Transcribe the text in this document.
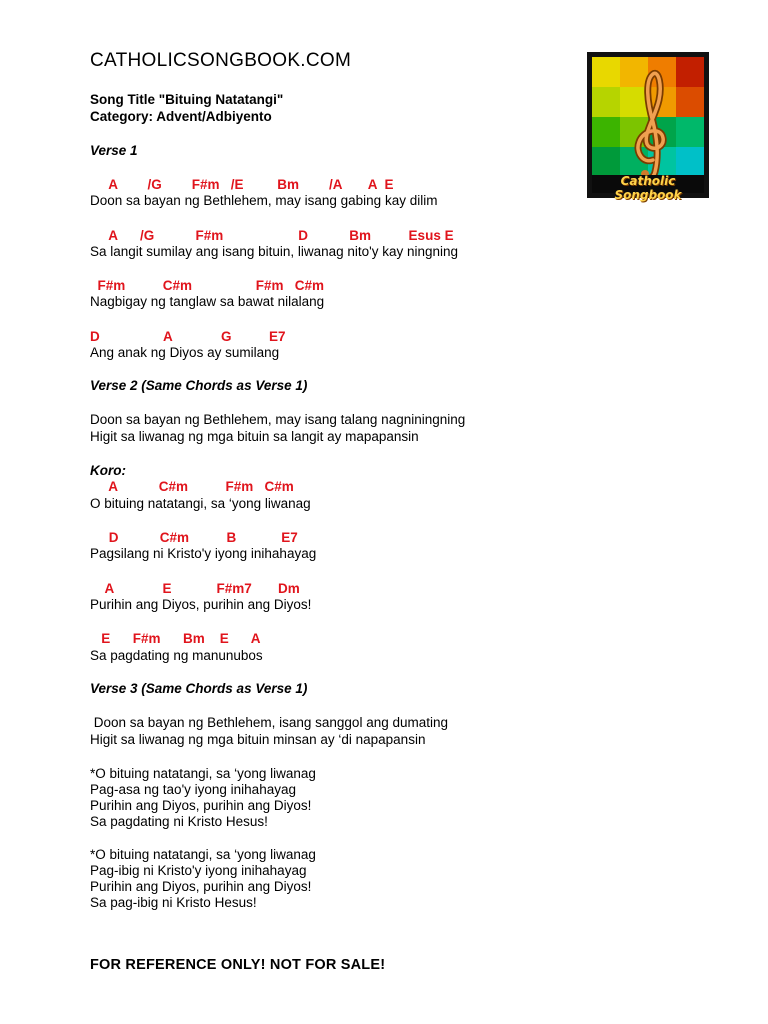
CATHOLICSONGBOOK.COM
Song Title "Bituing Natatangi"
Category: Advent/Adbiyento
Catholic Songbook
Verse 1
A        /G        F#m   /E         Bm        /A       A  E
Doon sa bayan ng Bethlehem, may isang gabing kay dilim
A      /G           F#m                    D           Bm          Esus E
Sa langit sumilay ang isang bituin, liwanag nito'y kay ningning
F#m          C#m                 F#m   C#m
Nagbigay ng tanglaw sa bawat nilalang
D                 A             G          E7
Ang anak ng Diyos ay sumilang
Verse 2 (Same Chords as Verse 1)
Doon sa bayan ng Bethlehem, may isang talang nagniningning
Higit sa liwanag ng mga bituin sa langit ay mapapansin
Koro:
A           C#m          F#m   C#m
O bituing natatangi, sa ‘yong liwanag
D           C#m          B            E7
Pagsilang ni Kristo'y iyong inihahayag
A             E            F#m7       Dm
Purihin ang Diyos, purihin ang Diyos!
E      F#m      Bm    E      A
Sa pagdating ng manunubos
Verse 3 (Same Chords as Verse 1)
Doon sa bayan ng Bethlehem, isang sanggol ang dumating
Higit sa liwanag ng mga bituin minsan ay ‘di napapansin
*O bituing natatangi, sa ‘yong liwanag
Pag-asa ng tao'y iyong inihahayag
Purihin ang Diyos, purihin ang Diyos!
Sa pagdating ni Kristo Hesus!
*O bituing natatangi, sa ‘yong liwanag
Pag-ibig ni Kristo'y iyong inihahayag
Purihin ang Diyos, purihin ang Diyos!
Sa pag-ibig ni Kristo Hesus!
FOR REFERENCE ONLY! NOT FOR SALE!
